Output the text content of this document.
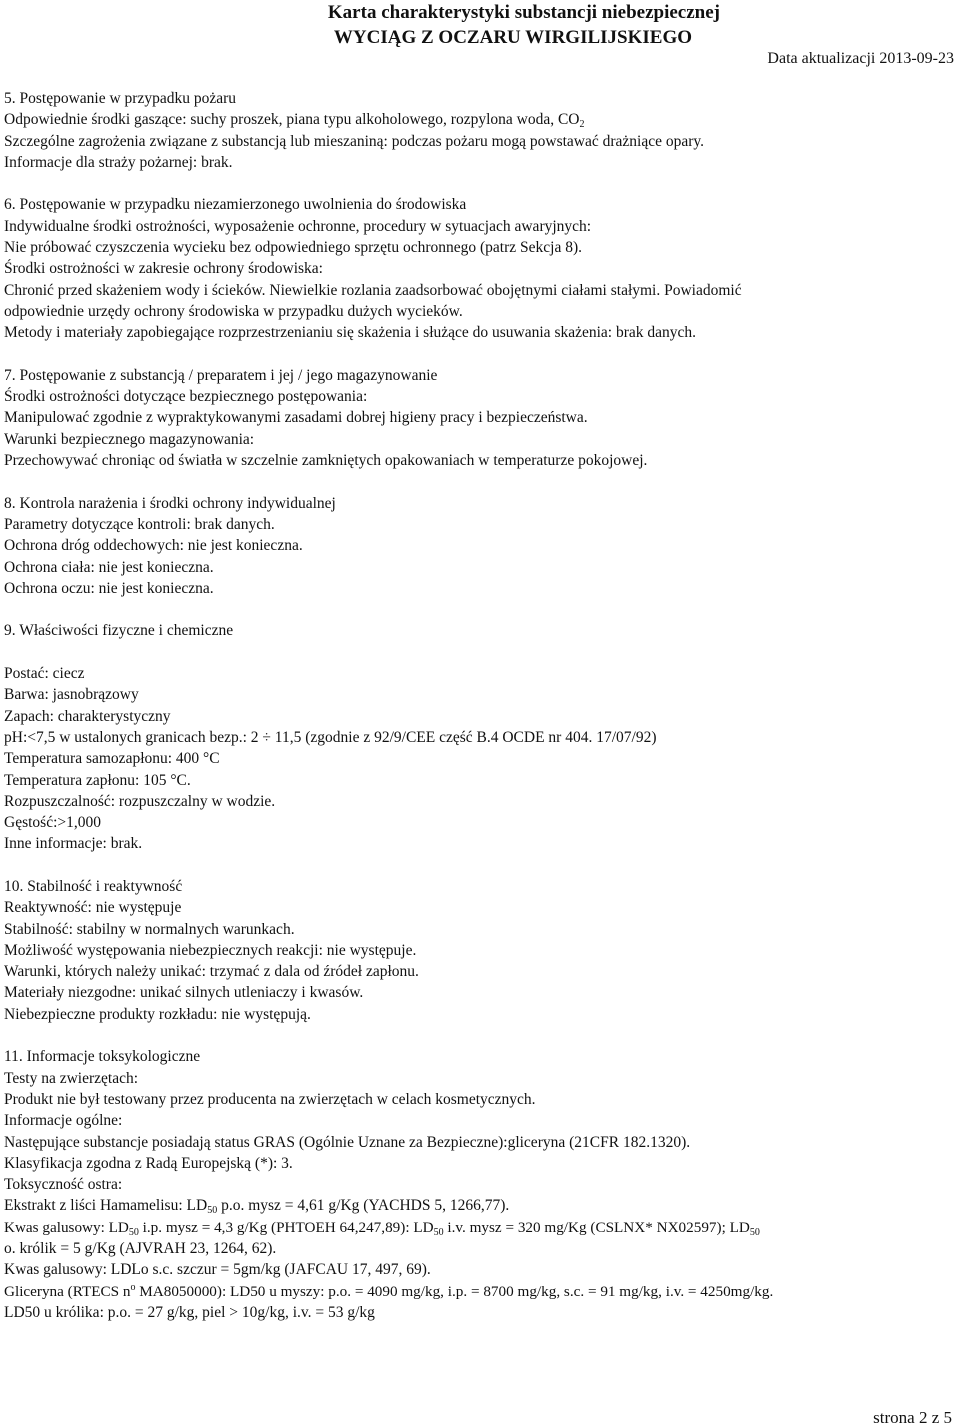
Karta charakterystyki substancji niebezpiecznej
WYCIĄG Z OCZARU WIRGILIJSKIEGO
Data aktualizacji 2013-09-23
5. Postępowanie w przypadku pożaru
Odpowiednie środki gaszące: suchy proszek, piana typu alkoholowego, rozpylona woda, $CO_2$
Szczególne zagrożenia związane z substancją lub mieszaniną: podczas pożaru mogą powstawać drażniące opary.
Informacje dla straży pożarnej: brak.
6. Postępowanie w przypadku niezamierzonego uwolnienia do środowiska
Indywidualne środki ostrożności, wyposażenie ochronne, procedury w sytuacjach awaryjnych:
Nie próbować czyszczenia wycieku bez odpowiedniego sprzętu ochronnego (patrz Sekcja 8).
Środki ostrożności w zakresie ochrony środowiska:
Chronić przed skażeniem wody i ścieków. Niewielkie rozlania zaadsorbować obojętnymi ciałami stałymi. Powiadomić
odpowiednie urzędy ochrony środowiska w przypadku dużych wycieków.
Metody i materiały zapobiegające rozprzestrzenianiu się skażenia i służące do usuwania skażenia: brak danych.
7. Postępowanie z substancją / preparatem i jej / jego magazynowanie
Środki ostrożności dotyczące bezpiecznego postępowania:
Manipulować zgodnie z wypraktykowanymi zasadami dobrej higieny pracy i bezpieczeństwa.
Warunki bezpiecznego magazynowania:
Przechowywać chroniąc od światła w szczelnie zamkniętych opakowaniach w temperaturze pokojowej.
8. Kontrola narażenia i środki ochrony indywidualnej
Parametry dotyczące kontroli: brak danych.
Ochrona dróg oddechowych: nie jest konieczna.
Ochrona ciała: nie jest konieczna.
Ochrona oczu: nie jest konieczna.
9. Właściwości fizyczne i chemiczne
Postać: ciecz
Barwa: jasnobrązowy
Zapach: charakterystyczny
pH:<7,5 w ustalonych granicach bezp.: 2 ÷ 11,5 (zgodnie z 92/9/CEE część B.4 OCDE nr 404. 17/07/92)
Temperatura samozapłonu: 400 °C
Temperatura zapłonu: 105 °C.
Rozpuszczalność: rozpuszczalny w wodzie.
Gęstość:>1,000
Inne informacje: brak.
10. Stabilność i reaktywność
Reaktywność: nie występuje
Stabilność: stabilny w normalnych warunkach.
Możliwość występowania niebezpiecznych reakcji: nie występuje.
Warunki, których należy unikać: trzymać z dala od źródeł zapłonu.
Materiały niezgodne: unikać silnych utleniaczy i kwasów.
Niebezpieczne produkty rozkładu: nie występują.
11. Informacje toksykologiczne
Testy na zwierzętach:
Produkt nie był testowany przez producenta na zwierzętach w celach kosmetycznych.
Informacje ogólne:
Następujące substancje posiadają status GRAS (Ogólnie Uznane za Bezpieczne):gliceryna (21CFR 182.1320).
Klasyfikacja zgodna z Radą Europejską (*): 3.
Toksyczność ostra:
Ekstrakt z liści Hamamelisu: $LD_{50}$ p.o. mysz = 4,61 g/Kg (YACHDS 5, 1266,77).
Kwas galusowy: $LD_{50}$ i.p. mysz = 4,3 g/Kg (PHTOEH 64,247,89): $LD_{50}$ i.v. mysz = 320 mg/Kg (CSLNX* NX02597); $LD_{50}$
o. królik = 5 g/Kg (AJVRAH 23, 1264, 62).
Kwas galusowy: LDLo s.c. szczur = 5gm/kg (JAFCAU 17, 497, 69).
Gliceryna (RTECS $n^o$ MA8050000): LD50 u myszy: p.o. = 4090 mg/kg, i.p. = 8700 mg/kg, s.c. = 91 mg/kg, i.v. = 4250mg/kg.
LD50 u królika: p.o. = 27 g/kg, piel > 10g/kg, i.v. = 53 g/kg
strona 2 z 5
